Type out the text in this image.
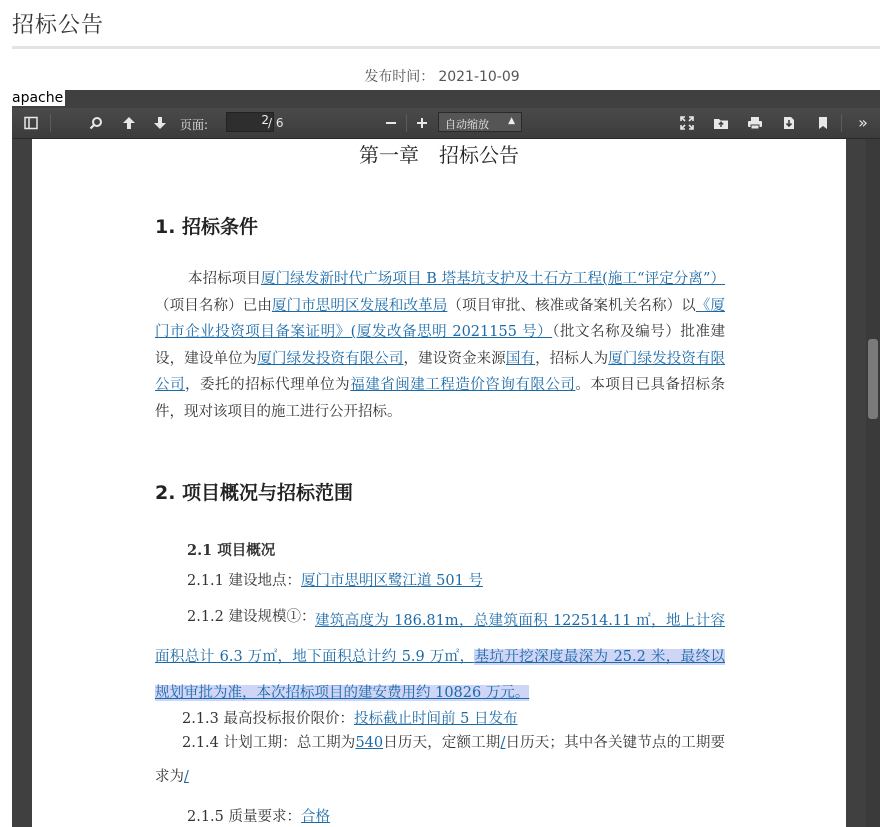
招标公告
发布时间： 2021-10-09
apache
页面:	2 / 6	自动缩放 ▲	»
第一章　招标公告
1. 招标条件
本招标项目厦门绿发新时代广场项目 B 塔基坑支护及土石方工程(施工“评定分离”）（项目名称）已由厦门市思明区发展和改革局（项目审批、核准或备案机关名称）以《厦门市企业投资项目备案证明》(厦发改备思明 2021155 号）（批文名称及编号）批准建设，建设单位为厦门绿发投资有限公司，建设资金来源国有，招标人为厦门绿发投资有限公司，委托的招标代理单位为福建省闽建工程造价咨询有限公司。本项目已具备招标条件，现对该项目的施工进行公开招标。
2. 项目概况与招标范围
2.1 项目概况
2.1.1 建设地点：厦门市思明区鹭江道 501 号
2.1.2 建设规模①： 建筑高度为 186.81m，总建筑面积 122514.11 ㎡，地上计容面积总计 6.3 万㎡，地下面积总计约 5.9 万㎡，基坑开挖深度最深为 25.2 米，最终以规划审批为准，本次招标项目的建安费用约 10826 万元。
2.1.3 最高投标报价限价：投标截止时间前 5 日发布
2.1.4 计划工期：总工期为540日历天，定额工期/日历天；其中各关键节点的工期要求为/
2.1.5 质量要求：合格
